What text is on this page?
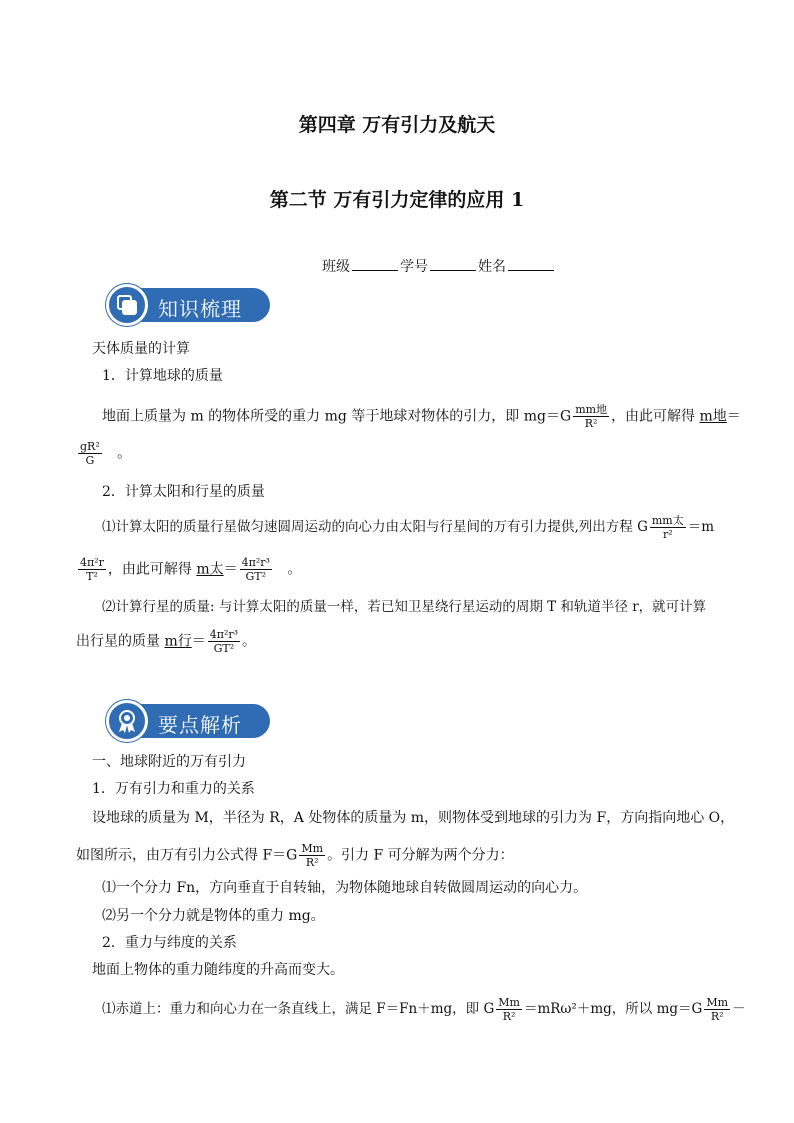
第四章 万有引力及航天
第二节 万有引力定律的应用 1
班级	学号	姓名
知识梳理
天体质量的计算
1．计算地球的质量
地面上质量为 m 的物体所受的重力 mg 等于地球对物体的引力，即 $mg=G \frac{\text{mm地}}{\text{R²}}$ ，由此可解得 m地＝
$\frac{\text{gR²}}{G}$ 。
2．计算太阳和行星的质量
⑴计算太阳的质量行星做匀速圆周运动的向心力由太阳与行星间的万有引力提供,列出方程 G $\frac{\text{mm太}}{\text{r²}} =m$
$\frac{\text{4π²r}}{\text{T²}}$ ，由此可解得 m太＝ $\frac{\text{4π²r³}}{\text{GT²}}$ 。
⑵计算行星的质量: 与计算太阳的质量一样，若已知卫星绕行星运动的周期 T 和轨道半径 r，就可计算
出行星的质量 m行＝ $\frac{\text{4π²r³}}{\text{GT²}}$ 。
要点解析
一、地球附近的万有引力
1．万有引力和重力的关系
设地球的质量为 M，半径为 R，A 处物体的质量为 m，则物体受到地球的引力为 F，方向指向地心 O，
如图所示，由万有引力公式得 $F=G \frac{Mm}{\text{R²}}$ 。引力 F 可分解为两个分力：
⑴一个分力 Fn，方向垂直于自转轴，为物体随地球自转做圆周运动的向心力。
⑵另一个分力就是物体的重力 mg。
2．重力与纬度的关系
地面上物体的重力随纬度的升高而变大。
⑴赤道上：重力和向心力在一条直线上，满足 F＝Fn＋mg，即 G $\frac{Mm}{\text{R²}} =mR\omega^2+mg$，所以 $mg=G \frac{Mm}{\text{R²}}$ －
